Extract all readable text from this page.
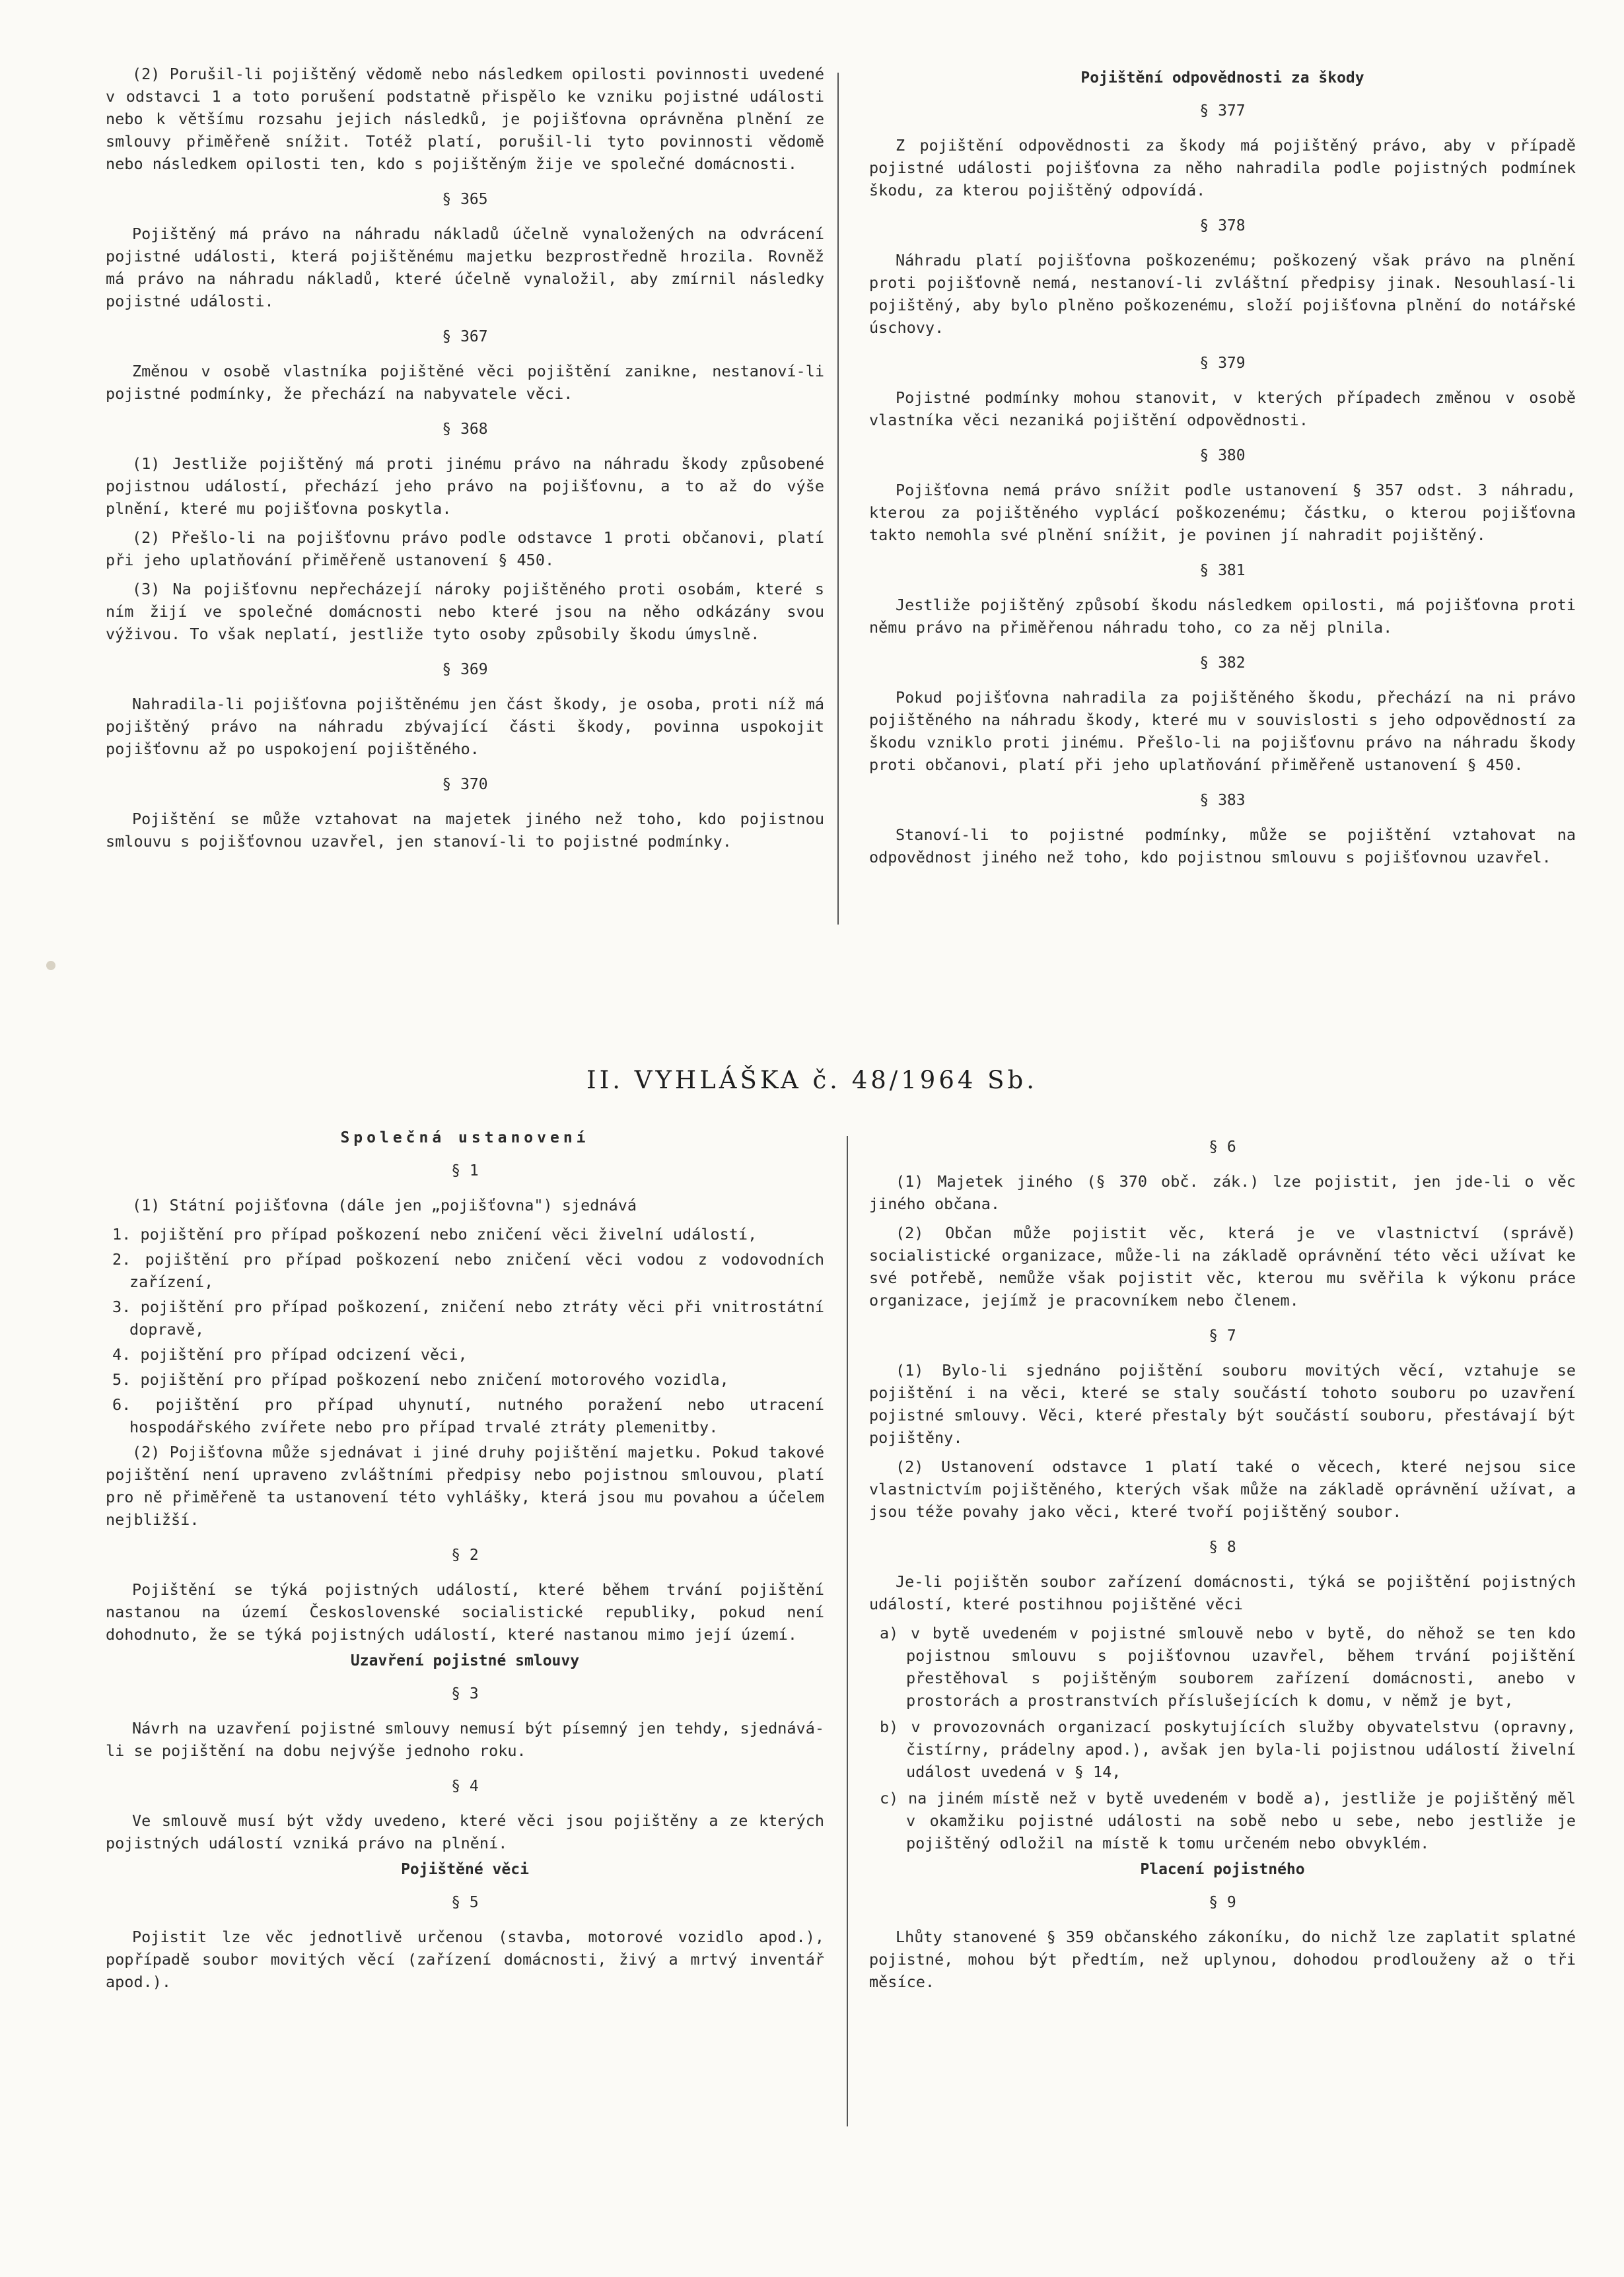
(2) Porušil-li pojištěný vědomě nebo následkem opilosti povinnosti uvedené v odstavci 1 a toto porušení podstatně přispělo ke vzniku pojistné události nebo k většímu rozsahu jejich následků, je pojišťovna oprávněna plnění ze smlouvy přiměřeně snížit. Totéž platí, porušil-li tyto povinnosti vědomě nebo následkem opilosti ten, kdo s pojištěným žije ve společné domácnosti.

§ 365

Pojištěný má právo na náhradu nákladů účelně vynaložených na odvrácení pojistné události, která pojištěnému majetku bezprostředně hrozila. Rovněž má právo na náhradu nákladů, které účelně vynaložil, aby zmírnil následky pojistné události.

§ 367

Změnou v osobě vlastníka pojištěné věci pojištění zanikne, nestanoví-li pojistné podmínky, že přechází na nabyvatele věci.

§ 368

(1) Jestliže pojištěný má proti jinému právo na náhradu škody způsobené pojistnou událostí, přechází jeho právo na pojišťovnu, a to až do výše plnění, které mu pojišťovna poskytla.

(2) Přešlo-li na pojišťovnu právo podle odstavce 1 proti občanovi, platí při jeho uplatňování přiměřeně ustanovení § 450.

(3) Na pojišťovnu nepřecházejí nároky pojištěného proti osobám, které s ním žijí ve společné domácnosti nebo které jsou na něho odkázány svou výživou. To však neplatí, jestliže tyto osoby způsobily škodu úmyslně.

§ 369

Nahradila-li pojišťovna pojištěnému jen část škody, je osoba, proti níž má pojištěný právo na náhradu zbývající části škody, povinna uspokojit pojišťovnu až po uspokojení pojištěného.

§ 370

Pojištění se může vztahovat na majetek jiného než toho, kdo pojistnou smlouvu s pojišťovnou uzavřel, jen stanoví-li to pojistné podmínky.

Pojištění odpovědnosti za škody
§ 377

Z pojištění odpovědnosti za škody má pojištěný právo, aby v případě pojistné události pojišťovna za něho nahradila podle pojistných podmínek škodu, za kterou pojištěný odpovídá.

§ 378

Náhradu platí pojišťovna poškozenému; poškozený však právo na plnění proti pojišťovně nemá, nestanoví-li zvláštní předpisy jinak. Nesouhlasí-li pojištěný, aby bylo plněno poškozenému, složí pojišťovna plnění do notářské úschovy.

§ 379

Pojistné podmínky mohou stanovit, v kterých případech změnou v osobě vlastníka věci nezaniká pojištění odpovědnosti.

§ 380

Pojišťovna nemá právo snížit podle ustanovení § 357 odst. 3 náhradu, kterou za pojištěného vyplácí poškozenému; částku, o kterou pojišťovna takto nemohla své plnění snížit, je povinen jí nahradit pojištěný.

§ 381

Jestliže pojištěný způsobí škodu následkem opilosti, má pojišťovna proti němu právo na přiměřenou náhradu toho, co za něj plnila.

§ 382

Pokud pojišťovna nahradila za pojištěného škodu, přechází na ni právo pojištěného na náhradu škody, které mu v souvislosti s jeho odpovědností za škodu vzniklo proti jinému. Přešlo-li na pojišťovnu právo na náhradu škody proti občanovi, platí při jeho uplatňování přiměřeně ustanovení § 450.

§ 383

Stanoví-li to pojistné podmínky, může se pojištění vztahovat na odpovědnost jiného než toho, kdo pojistnou smlouvu s pojišťovnou uzavřel.

II. VYHLÁŠKA č. 48/1964 Sb.
Společná ustanovení
§ 1

(1) Státní pojišťovna (dále jen „pojišťovna") sjednává

1. pojištění pro případ poškození nebo zničení věci živelní událostí,

2. pojištění pro případ poškození nebo zničení věci vodou z vodovodních zařízení,

3. pojištění pro případ poškození, zničení nebo ztráty věci při vnitrostátní dopravě,

4. pojištění pro případ odcizení věci,

5. pojištění pro případ poškození nebo zničení motorového vozidla,

6. pojištění pro případ uhynutí, nutného poražení nebo utracení hospodářského zvířete nebo pro případ trvalé ztráty plemenitby.

(2) Pojišťovna může sjednávat i jiné druhy pojištění majetku. Pokud takové pojištění není upraveno zvláštními předpisy nebo pojistnou smlouvou, platí pro ně přiměřeně ta ustanovení této vyhlášky, která jsou mu povahou a účelem nejbližší.

§ 2

Pojištění se týká pojistných událostí, které během trvání pojištění nastanou na území Československé socialistické republiky, pokud není dohodnuto, že se týká pojistných událostí, které nastanou mimo její území.

Uzavření pojistné smlouvy
§ 3

Návrh na uzavření pojistné smlouvy nemusí být písemný jen tehdy, sjednává-li se pojištění na dobu nejvýše jednoho roku.

§ 4

Ve smlouvě musí být vždy uvedeno, které věci jsou pojištěny a ze kterých pojistných událostí vzniká právo na plnění.

Pojištěné věci
§ 5

Pojistit lze věc jednotlivě určenou (stavba, motorové vozidlo apod.), popřípadě soubor movitých věcí (zařízení domácnosti, živý a mrtvý inventář apod.).

§ 6

(1) Majetek jiného (§ 370 obč. zák.) lze pojistit, jen jde-li o věc jiného občana.

(2) Občan může pojistit věc, která je ve vlastnictví (správě) socialistické organizace, může-li na základě oprávnění této věci užívat ke své potřebě, nemůže však pojistit věc, kterou mu svěřila k výkonu práce organizace, jejímž je pracovníkem nebo členem.

§ 7

(1) Bylo-li sjednáno pojištění souboru movitých věcí, vztahuje se pojištění i na věci, které se staly součástí tohoto souboru po uzavření pojistné smlouvy. Věci, které přestaly být součástí souboru, přestávají být pojištěny.

(2) Ustanovení odstavce 1 platí také o věcech, které nejsou sice vlastnictvím pojištěného, kterých však může na základě oprávnění užívat, a jsou téže povahy jako věci, které tvoří pojištěný soubor.

§ 8

Je-li pojištěn soubor zařízení domácnosti, týká se pojištění pojistných událostí, které postihnou pojištěné věci

a) v bytě uvedeném v pojistné smlouvě nebo v bytě, do něhož se ten kdo pojistnou smlouvu s pojišťovnou uzavřel, během trvání pojištění přestěhoval s pojištěným souborem zařízení domácnosti, anebo v prostorách a prostranstvích příslušejících k domu, v němž je byt,

b) v provozovnách organizací poskytujících služby obyvatelstvu (opravny, čistírny, prádelny apod.), avšak jen byla-li pojistnou událostí živelní událost uvedená v § 14,

c) na jiném místě než v bytě uvedeném v bodě a), jestliže je pojištěný měl v okamžiku pojistné události na sobě nebo u sebe, nebo jestliže je pojištěný odložil na místě k tomu určeném nebo obvyklém.

Placení pojistného
§ 9

Lhůty stanovené § 359 občanského zákoníku, do nichž lze zaplatit splatné pojistné, mohou být předtím, než uplynou, dohodou prodlouženy až o tři měsíce.
